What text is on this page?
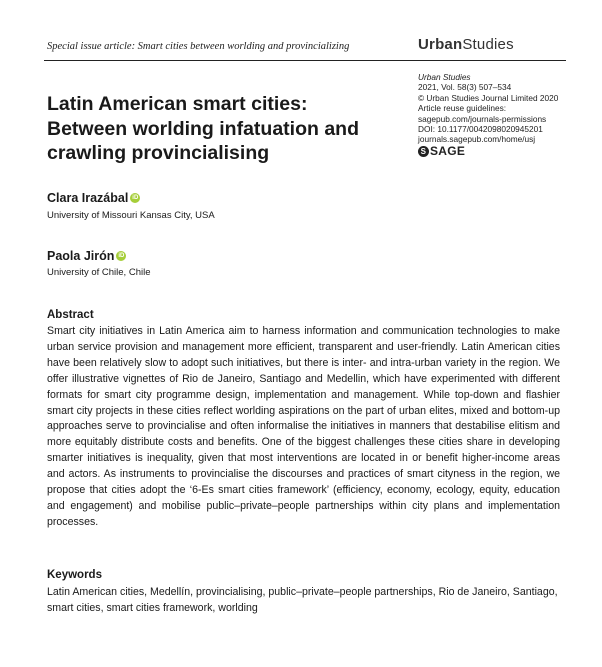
Special issue article: Smart cities between worlding and provincializing	UrbanStudies
Urban Studies
2021, Vol. 58(3) 507–534
© Urban Studies Journal Limited 2020
Article reuse guidelines:
sagepub.com/journals-permissions
DOI: 10.1177/0042098020945201
journals.sagepub.com/home/usj
S SAGE
Latin American smart cities:
Between worlding infatuation and
crawling provincialising
Clara Irazábal iD
University of Missouri Kansas City, USA
Paola Jirón iD
University of Chile, Chile
Abstract

Smart city initiatives in Latin America aim to harness information and communication technologies to make urban service provision and management more efficient, transparent and user-friendly. Latin American cities have been relatively slow to adopt such initiatives, but there is inter- and intra-urban variety in the region. We offer illustrative vignettes of Rio de Janeiro, Santiago and Medellin, which have experimented with different formats for smart city programme design, implementation and management. While top-down and flashier smart city projects in these cities reflect worlding aspirations on the part of urban elites, mixed and bottom-up approaches serve to provincialise and often informalise the initiatives in manners that destabilise elitism and more equitably distribute costs and benefits. One of the biggest challenges these cities share in developing smarter initiatives is inequality, given that most interventions are located in or benefit higher-income areas and actors. As instruments to provincialise the discourses and practices of smart cityness in the region, we propose that cities adopt the ‘6-Es smart cities framework’ (efficiency, economy, ecology, equity, education and engagement) and mobilise public–private–people partnerships within city plans and implementation processes.

Keywords

Latin American cities, Medellín, provincialising, public–private–people partnerships, Rio de Janeiro, Santiago, smart cities, smart cities framework, worlding
